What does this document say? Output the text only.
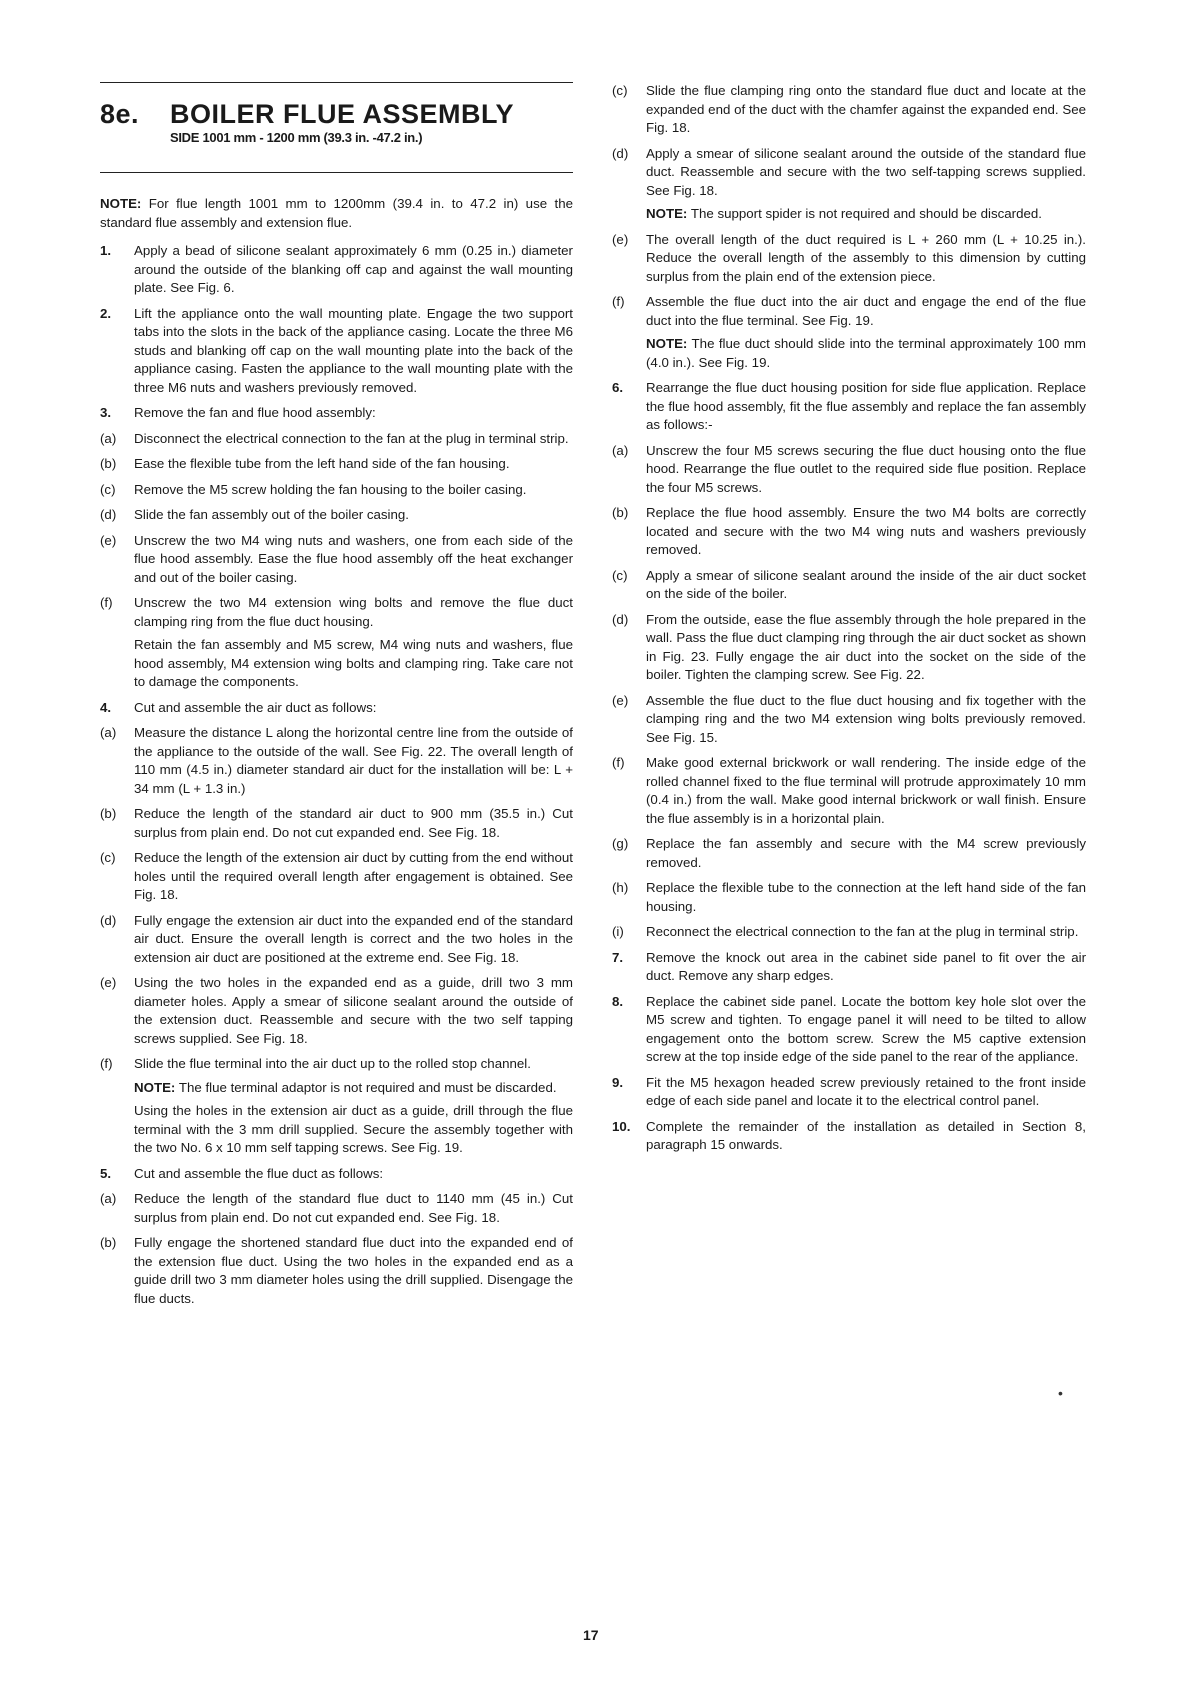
8e. BOILER FLUE ASSEMBLY
SIDE 1001 mm - 1200 mm (39.3 in. -47.2 in.)
NOTE: For flue length 1001 mm to 1200mm (39.4 in. to 47.2 in) use the standard flue assembly and extension flue.
1. Apply a bead of silicone sealant approximately 6 mm (0.25 in.) diameter around the outside of the blanking off cap and against the wall mounting plate. See Fig. 6.
2. Lift the appliance onto the wall mounting plate. Engage the two support tabs into the slots in the back of the appliance casing. Locate the three M6 studs and blanking off cap on the wall mounting plate into the back of the appliance casing. Fasten the appliance to the wall mounting plate with the three M6 nuts and washers previously removed.
3. Remove the fan and flue hood assembly:
(a) Disconnect the electrical connection to the fan at the plug in terminal strip.
(b) Ease the flexible tube from the left hand side of the fan housing.
(c) Remove the M5 screw holding the fan housing to the boiler casing.
(d) Slide the fan assembly out of the boiler casing.
(e) Unscrew the two M4 wing nuts and washers, one from each side of the flue hood assembly. Ease the flue hood assembly off the heat exchanger and out of the boiler casing.
(f) Unscrew the two M4 extension wing bolts and remove the flue duct clamping ring from the flue duct housing.
Retain the fan assembly and M5 screw, M4 wing nuts and washers, flue hood assembly, M4 extension wing bolts and clamping ring. Take care not to damage the components.
4. Cut and assemble the air duct as follows:
(a) Measure the distance L along the horizontal centre line from the outside of the appliance to the outside of the wall. See Fig. 22. The overall length of 110 mm (4.5 in.) diameter standard air duct for the installation will be: L + 34 mm (L + 1.3 in.)
(b) Reduce the length of the standard air duct to 900 mm (35.5 in.) Cut surplus from plain end. Do not cut expanded end. See Fig. 18.
(c) Reduce the length of the extension air duct by cutting from the end without holes until the required overall length after engagement is obtained. See Fig. 18.
(d) Fully engage the extension air duct into the expanded end of the standard air duct. Ensure the overall length is correct and the two holes in the extension air duct are positioned at the extreme end. See Fig. 18.
(e) Using the two holes in the expanded end as a guide, drill two 3 mm diameter holes. Apply a smear of silicone sealant around the outside of the extension duct. Reassemble and secure with the two self tapping screws supplied. See Fig. 18.
(f) Slide the flue terminal into the air duct up to the rolled stop channel.
NOTE: The flue terminal adaptor is not required and must be discarded.
Using the holes in the extension air duct as a guide, drill through the flue terminal with the 3 mm drill supplied. Secure the assembly together with the two No. 6 x 10 mm self tapping screws. See Fig. 19.
5. Cut and assemble the flue duct as follows:
(a) Reduce the length of the standard flue duct to 1140 mm (45 in.) Cut surplus from plain end. Do not cut expanded end. See Fig. 18.
(b) Fully engage the shortened standard flue duct into the expanded end of the extension flue duct. Using the two holes in the expanded end as a guide drill two 3 mm diameter holes using the drill supplied. Disengage the flue ducts.
(c) Slide the flue clamping ring onto the standard flue duct and locate at the expanded end of the duct with the chamfer against the expanded end. See Fig. 18.
(d) Apply a smear of silicone sealant around the outside of the standard flue duct. Reassemble and secure with the two self-tapping screws supplied. See Fig. 18.
NOTE: The support spider is not required and should be discarded.
(e) The overall length of the duct required is L + 260 mm (L + 10.25 in.). Reduce the overall length of the assembly to this dimension by cutting surplus from the plain end of the extension piece.
(f) Assemble the flue duct into the air duct and engage the end of the flue duct into the flue terminal. See Fig. 19.
NOTE: The flue duct should slide into the terminal approximately 100 mm (4.0 in.). See Fig. 19.
6. Rearrange the flue duct housing position for side flue application. Replace the flue hood assembly, fit the flue assembly and replace the fan assembly as follows:-
(a) Unscrew the four M5 screws securing the flue duct housing onto the flue hood. Rearrange the flue outlet to the required side flue position. Replace the four M5 screws.
(b) Replace the flue hood assembly. Ensure the two M4 bolts are correctly located and secure with the two M4 wing nuts and washers previously removed.
(c) Apply a smear of silicone sealant around the inside of the air duct socket on the side of the boiler.
(d) From the outside, ease the flue assembly through the hole prepared in the wall. Pass the flue duct clamping ring through the air duct socket as shown in Fig. 23. Fully engage the air duct into the socket on the side of the boiler. Tighten the clamping screw. See Fig. 22.
(e) Assemble the flue duct to the flue duct housing and fix together with the clamping ring and the two M4 extension wing bolts previously removed. See Fig. 15.
(f) Make good external brickwork or wall rendering. The inside edge of the rolled channel fixed to the flue terminal will protrude approximately 10 mm (0.4 in.) from the wall. Make good internal brickwork or wall finish. Ensure the flue assembly is in a horizontal plain.
(g) Replace the fan assembly and secure with the M4 screw previously removed.
(h) Replace the flexible tube to the connection at the left hand side of the fan housing.
(i) Reconnect the electrical connection to the fan at the plug in terminal strip.
7. Remove the knock out area in the cabinet side panel to fit over the air duct. Remove any sharp edges.
8. Replace the cabinet side panel. Locate the bottom key hole slot over the M5 screw and tighten. To engage panel it will need to be tilted to allow engagement onto the bottom screw. Screw the M5 captive extension screw at the top inside edge of the side panel to the rear of the appliance.
9. Fit the M5 hexagon headed screw previously retained to the front inside edge of each side panel and locate it to the electrical control panel.
10. Complete the remainder of the installation as detailed in Section 8, paragraph 15 onwards.
17
•
